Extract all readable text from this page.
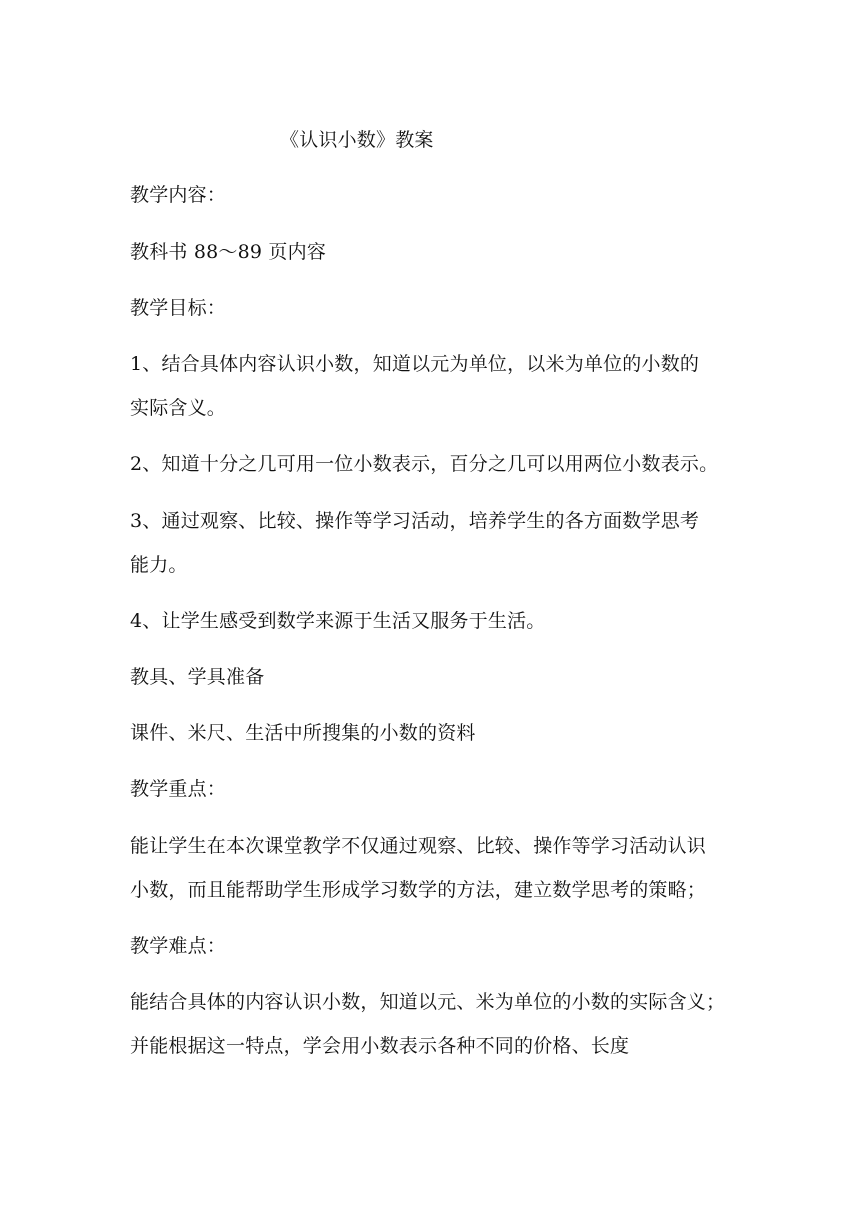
《认识小数》教案
教学内容：
教科书 88～89 页内容
教学目标：
1、结合具体内容认识小数，知道以元为单位，以米为单位的小数的
实际含义。
2、知道十分之几可用一位小数表示，百分之几可以用两位小数表示。
3、通过观察、比较、操作等学习活动，培养学生的各方面数学思考
能力。
4、让学生感受到数学来源于生活又服务于生活。
教具、学具准备
课件、米尺、生活中所搜集的小数的资料
教学重点：
能让学生在本次课堂教学不仅通过观察、比较、操作等学习活动认识
小数，而且能帮助学生形成学习数学的方法，建立数学思考的策略；
教学难点：
能结合具体的内容认识小数，知道以元、米为单位的小数的实际含义；
并能根据这一特点，学会用小数表示各种不同的价格、长度
